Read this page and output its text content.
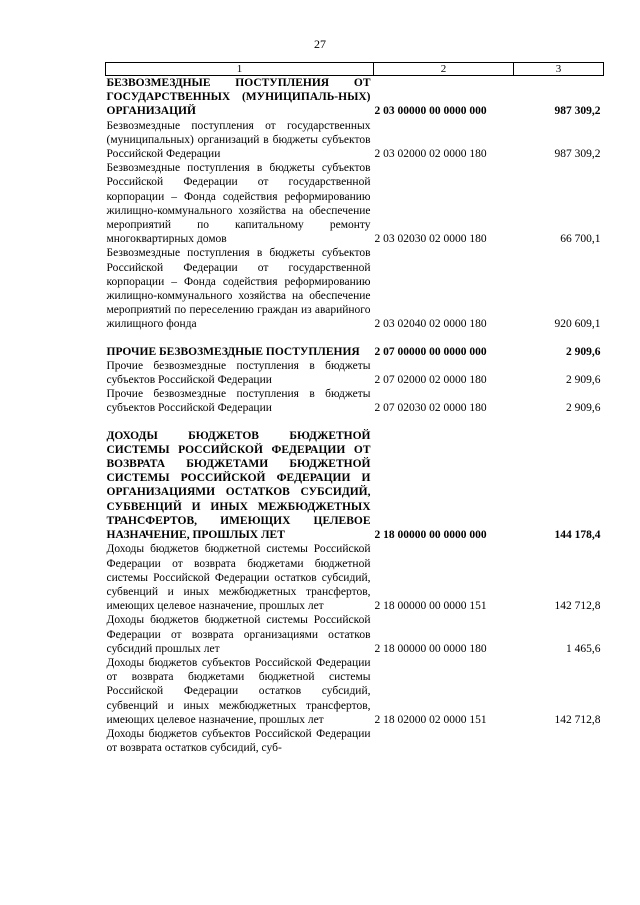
27
1	2	3
БЕЗВОЗМЕЗДНЫЕ ПОСТУПЛЕНИЯ ОТ ГОСУДАРСТВЕННЫХ (МУНИЦИПАЛЬ-НЫХ) ОРГАНИЗАЦИЙ	2 03 00000 00 0000 000	987 309,2
Безвозмездные поступления от государственных (муниципальных) организаций в бюджеты субъектов Российской Федерации	2 03 02000 02 0000 180	987 309,2
Безвозмездные поступления в бюджеты субъектов Российской Федерации от государственной корпорации – Фонда содействия реформированию жилищно-коммунального хозяйства на обеспечение мероприятий по капитальному ремонту многоквартирных домов	2 03 02030 02 0000 180	66 700,1
Безвозмездные поступления в бюджеты субъектов Российской Федерации от государственной корпорации – Фонда содействия реформированию жилищно-коммунального хозяйства на обеспечение мероприятий по переселению граждан из аварийного жилищного фонда	2 03 02040 02 0000 180	920 609,1
ПРОЧИЕ БЕЗВОЗМЕЗДНЫЕ ПОСТУПЛЕНИЯ	2 07 00000 00 0000 000	2 909,6
Прочие безвозмездные поступления в бюджеты субъектов Российской Федерации	2 07 02000 02 0000 180	2 909,6
Прочие безвозмездные поступления в бюджеты субъектов Российской Федерации	2 07 02030 02 0000 180	2 909,6
ДОХОДЫ БЮДЖЕТОВ БЮДЖЕТНОЙ СИСТЕМЫ РОССИЙСКОЙ ФЕДЕРАЦИИ ОТ ВОЗВРАТА БЮДЖЕТАМИ БЮДЖЕТНОЙ СИСТЕМЫ РОССИЙСКОЙ ФЕДЕРАЦИИ И ОРГАНИЗАЦИЯМИ ОСТАТКОВ СУБСИДИЙ, СУБВЕНЦИЙ И ИНЫХ МЕЖБЮДЖЕТНЫХ ТРАНСФЕРТОВ, ИМЕЮЩИХ ЦЕЛЕВОЕ НАЗНАЧЕНИЕ, ПРОШЛЫХ ЛЕТ	2 18 00000 00 0000 000	144 178,4
Доходы бюджетов бюджетной системы Российской Федерации от возврата бюджетами бюджетной системы Российской Федерации остатков субсидий, субвенций и иных межбюджетных трансфертов, имеющих целевое назначение, прошлых лет	2 18 00000 00 0000 151	142 712,8
Доходы бюджетов бюджетной системы Российской Федерации от возврата организациями остатков субсидий прошлых лет	2 18 00000 00 0000 180	1 465,6
Доходы бюджетов субъектов Российской Федерации от возврата бюджетами бюджетной системы Российской Федерации остатков субсидий, субвенций и иных межбюджетных трансфертов, имеющих целевое назначение, прошлых лет	2 18 02000 02 0000 151	142 712,8
Доходы бюджетов субъектов Российской Федерации от возврата остатков субсидий, суб-		
